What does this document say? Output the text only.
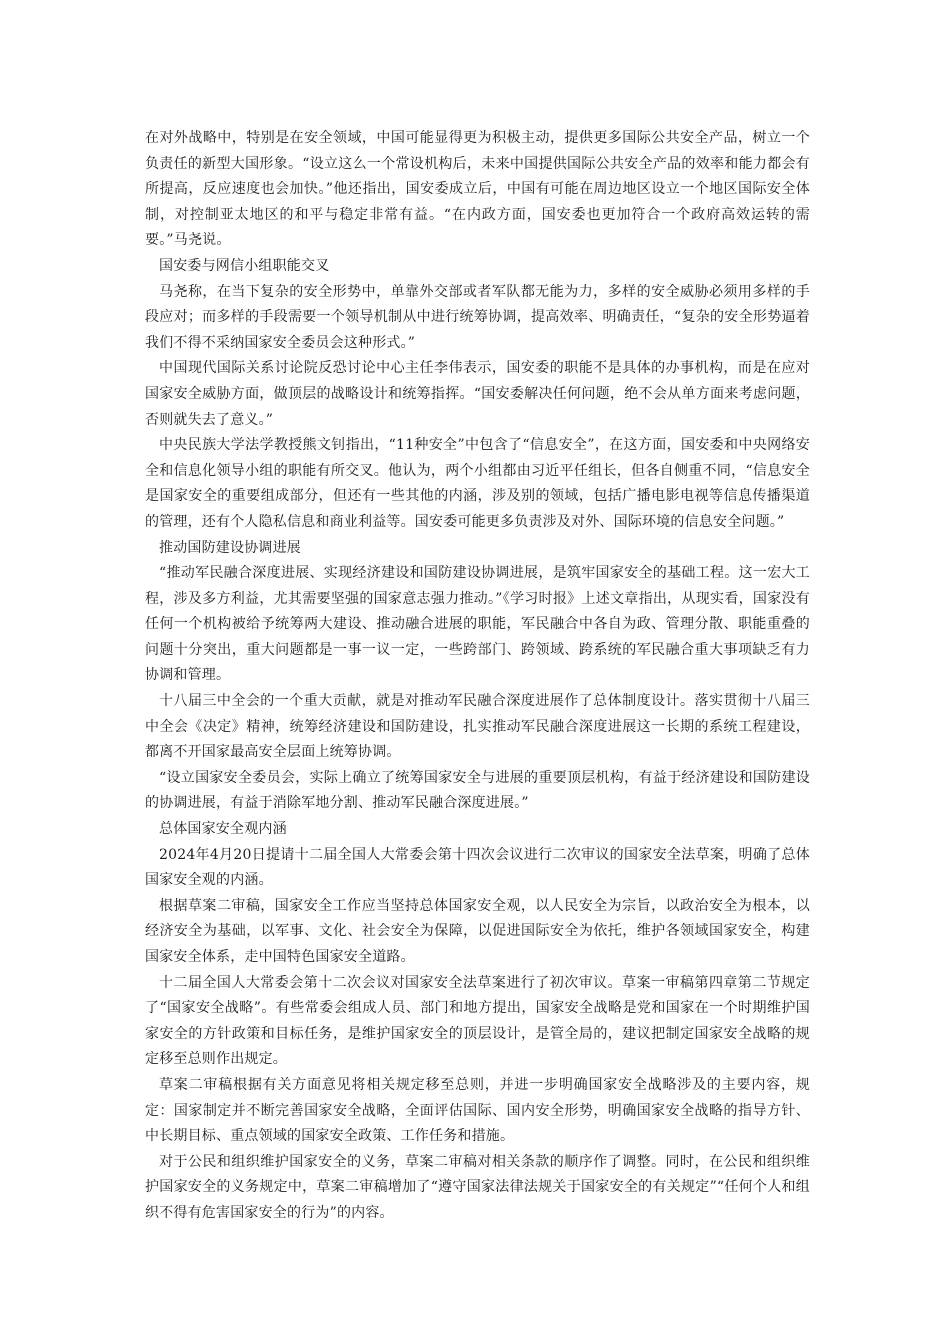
在对外战略中，特别是在安全领域，中国可能显得更为积极主动，提供更多国际公共安全产品，树立一个负责任的新型大国形象。“设立这么一个常设机构后，未来中国提供国际公共安全产品的效率和能力都会有所提高，反应速度也会加快。”他还指出，国安委成立后，中国有可能在周边地区设立一个地区国际安全体制，对控制亚太地区的和平与稳定非常有益。“在内政方面，国安委也更加符合一个政府高效运转的需要。”马尧说。

国安委与网信小组职能交叉

马尧称，在当下复杂的安全形势中，单靠外交部或者军队都无能为力，多样的安全威胁必须用多样的手段应对；而多样的手段需要一个领导机制从中进行统筹协调，提高效率、明确责任，“复杂的安全形势逼着我们不得不采纳国家安全委员会这种形式。”

中国现代国际关系讨论院反恐讨论中心主任李伟表示，国安委的职能不是具体的办事机构，而是在应对国家安全威胁方面，做顶层的战略设计和统筹指挥。“国安委解决任何问题，绝不会从单方面来考虑问题，否则就失去了意义。”

中央民族大学法学教授熊文钊指出，“11种安全”中包含了“信息安全”，在这方面，国安委和中央网络安全和信息化领导小组的职能有所交叉。他认为，两个小组都由习近平任组长，但各自侧重不同，“信息安全是国家安全的重要组成部分，但还有一些其他的内涵，涉及别的领域，包括广播电影电视等信息传播渠道的管理，还有个人隐私信息和商业利益等。国安委可能更多负责涉及对外、国际环境的信息安全问题。”

推动国防建设协调进展

“推动军民融合深度进展、实现经济建设和国防建设协调进展，是筑牢国家安全的基础工程。这一宏大工程，涉及多方利益，尤其需要坚强的国家意志强力推动。”《学习时报》上述文章指出，从现实看，国家没有任何一个机构被给予统筹两大建设、推动融合进展的职能，军民融合中各自为政、管理分散、职能重叠的问题十分突出，重大问题都是一事一议一定，一些跨部门、跨领域、跨系统的军民融合重大事项缺乏有力协调和管理。

十八届三中全会的一个重大贡献，就是对推动军民融合深度进展作了总体制度设计。落实贯彻十八届三中全会《决定》精神，统筹经济建设和国防建设，扎实推动军民融合深度进展这一长期的系统工程建设，都离不开国家最高安全层面上统筹协调。

“设立国家安全委员会，实际上确立了统筹国家安全与进展的重要顶层机构，有益于经济建设和国防建设的协调进展，有益于消除军地分割、推动军民融合深度进展。”

总体国家安全观内涵

2024年4月20日提请十二届全国人大常委会第十四次会议进行二次审议的国家安全法草案，明确了总体国家安全观的内涵。

根据草案二审稿，国家安全工作应当坚持总体国家安全观，以人民安全为宗旨，以政治安全为根本，以经济安全为基础，以军事、文化、社会安全为保障，以促进国际安全为依托，维护各领域国家安全，构建国家安全体系，走中国特色国家安全道路。

十二届全国人大常委会第十二次会议对国家安全法草案进行了初次审议。草案一审稿第四章第二节规定了“国家安全战略”。有些常委会组成人员、部门和地方提出，国家安全战略是党和国家在一个时期维护国家安全的方针政策和目标任务，是维护国家安全的顶层设计，是管全局的，建议把制定国家安全战略的规定移至总则作出规定。

草案二审稿根据有关方面意见将相关规定移至总则，并进一步明确国家安全战略涉及的主要内容，规定：国家制定并不断完善国家安全战略，全面评估国际、国内安全形势，明确国家安全战略的指导方针、中长期目标、重点领域的国家安全政策、工作任务和措施。

对于公民和组织维护国家安全的义务，草案二审稿对相关条款的顺序作了调整。同时，在公民和组织维护国家安全的义务规定中，草案二审稿增加了“遵守国家法律法规关于国家安全的有关规定”“任何个人和组织不得有危害国家安全的行为”的内容。
